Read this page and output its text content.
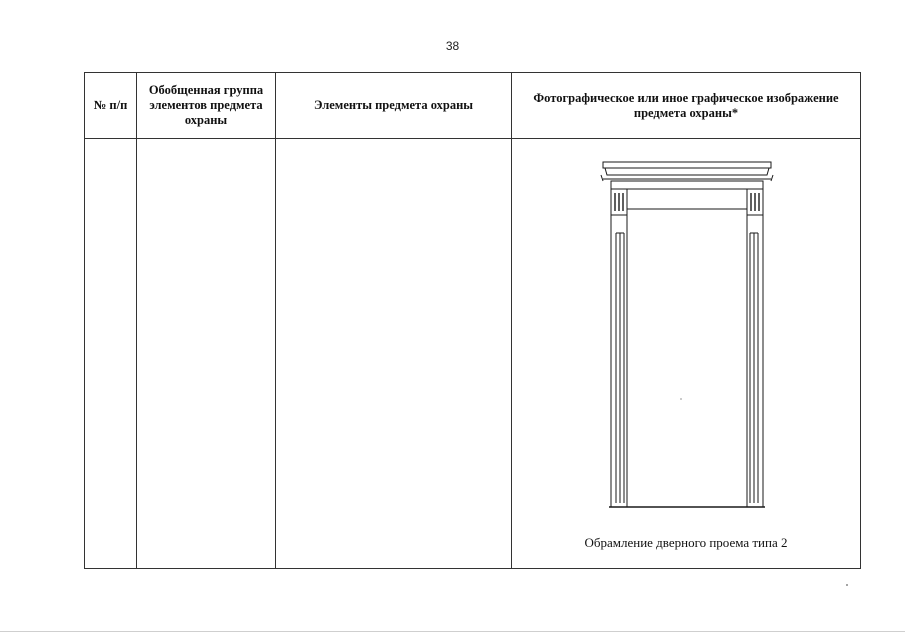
38
№ п/п	Обобщенная группа элементов предмета охраны	Элементы предмета охраны	Фотографическое или иное графическое изображение предмета охраны*

			Обрамление дверного проема типа 2
